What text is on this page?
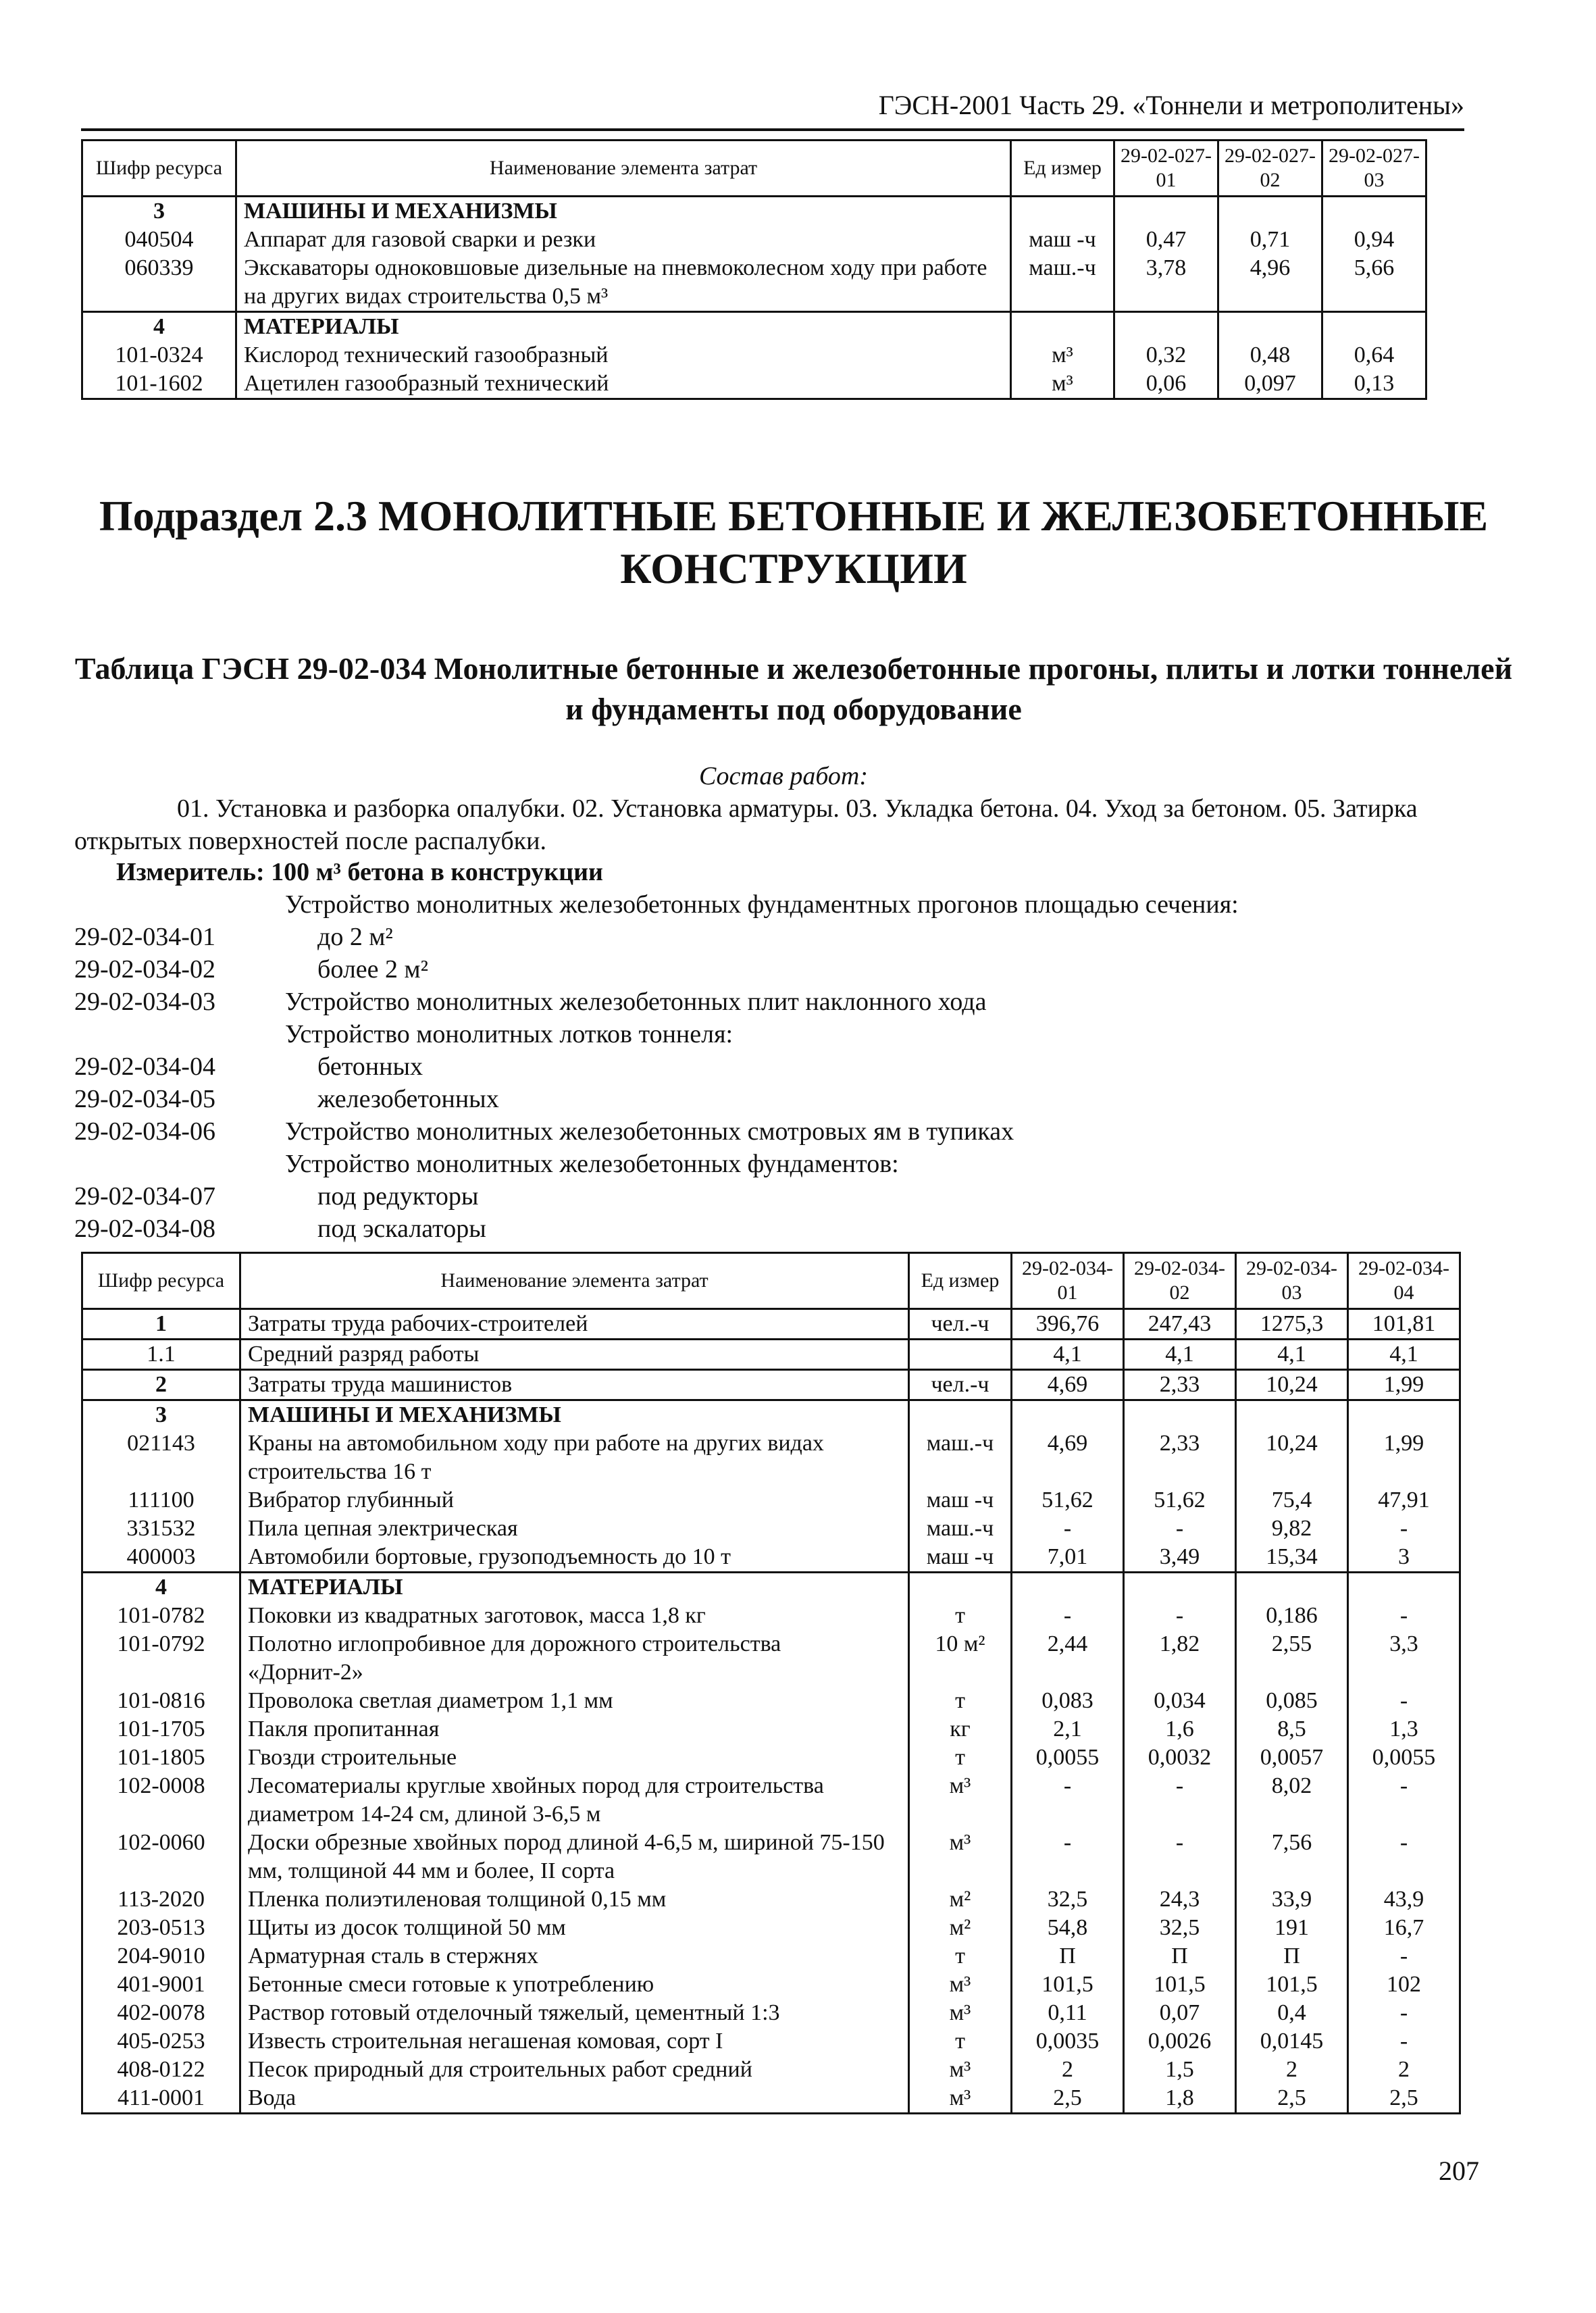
ГЭСН-2001 Часть 29. «Тоннели и метрополитены»
Шифр ресурса	Наименование элемента затрат	Ед измер	29-02-027-01	29-02-027-02	29-02-027-03
3	МАШИНЫ И МЕХАНИЗМЫ				
040504	Аппарат для газовой сварки и резки	маш -ч	0,47	0,71	0,94
060339	Экскаваторы одноковшовые дизельные на пневмоколесном ходу при работе на других видах строительства 0,5 м³	маш.-ч	3,78	4,96	5,66
4	МАТЕРИАЛЫ				
101-0324	Кислород технический газообразный	м³	0,32	0,48	0,64
101-1602	Ацетилен газообразный технический	м³	0,06	0,097	0,13
Подраздел 2.3 МОНОЛИТНЫЕ БЕТОННЫЕ И ЖЕЛЕЗОБЕТОННЫЕ КОНСТРУКЦИИ
Таблица ГЭСН 29-02-034 Монолитные бетонные и железобетонные прогоны, плиты и лотки тоннелей и фундаменты под оборудование
Состав работ:
01. Установка и разборка опалубки. 02. Установка арматуры. 03. Укладка бетона. 04. Уход за бетоном. 05. Затирка открытых поверхностей после распалубки.
Измеритель: 100 м³ бетона в конструкции
Устройство монолитных железобетонных фундаментных прогонов площадью сечения:
29-02-034-01	до 2 м²
29-02-034-02	более 2 м²
29-02-034-03	Устройство монолитных железобетонных плит наклонного хода
Устройство монолитных лотков тоннеля:
29-02-034-04	бетонных
29-02-034-05	железобетонных
29-02-034-06	Устройство монолитных железобетонных смотровых ям в тупиках
Устройство монолитных железобетонных фундаментов:
29-02-034-07	под редукторы
29-02-034-08	под эскалаторы
Шифр ресурса	Наименование элемента затрат	Ед измер	29-02-034-01	29-02-034-02	29-02-034-03	29-02-034-04
1	Затраты труда рабочих-строителей	чел.-ч	396,76	247,43	1275,3	101,81
1.1	Средний разряд работы		4,1	4,1	4,1	4,1
2	Затраты труда машинистов	чел.-ч	4,69	2,33	10,24	1,99
3	МАШИНЫ И МЕХАНИЗМЫ					
021143	Краны на автомобильном ходу при работе на других видах строительства 16 т	маш.-ч	4,69	2,33	10,24	1,99
111100	Вибратор глубинный	маш -ч	51,62	51,62	75,4	47,91
331532	Пила цепная электрическая	маш.-ч	-	-	9,82	-
400003	Автомобили бортовые, грузоподъемность до 10 т	маш -ч	7,01	3,49	15,34	3
4	МАТЕРИАЛЫ					
101-0782	Поковки из квадратных заготовок, масса 1,8 кг	т	-	-	0,186	-
101-0792	Полотно иглопробивное для дорожного строительства «Дорнит-2»	10 м²	2,44	1,82	2,55	3,3
101-0816	Проволока светлая диаметром 1,1 мм	т	0,083	0,034	0,085	-
101-1705	Пакля пропитанная	кг	2,1	1,6	8,5	1,3
101-1805	Гвозди строительные	т	0,0055	0,0032	0,0057	0,0055
102-0008	Лесоматериалы круглые хвойных пород для строительства диаметром 14-24 см, длиной 3-6,5 м	м³	-	-	8,02	-
102-0060	Доски обрезные хвойных пород длиной 4-6,5 м, шириной 75-150 мм, толщиной 44 мм и более, II сорта	м³	-	-	7,56	-
113-2020	Пленка полиэтиленовая толщиной 0,15 мм	м²	32,5	24,3	33,9	43,9
203-0513	Щиты из досок толщиной 50 мм	м²	54,8	32,5	191	16,7
204-9010	Арматурная сталь в стержнях	т	П	П	П	-
401-9001	Бетонные смеси готовые к употреблению	м³	101,5	101,5	101,5	102
402-0078	Раствор готовый отделочный тяжелый, цементный 1:3	м³	0,11	0,07	0,4	-
405-0253	Известь строительная негашеная комовая, сорт I	т	0,0035	0,0026	0,0145	-
408-0122	Песок природный для строительных работ средний	м³	2	1,5	2	2
411-0001	Вода	м³	2,5	1,8	2,5	2,5
207
